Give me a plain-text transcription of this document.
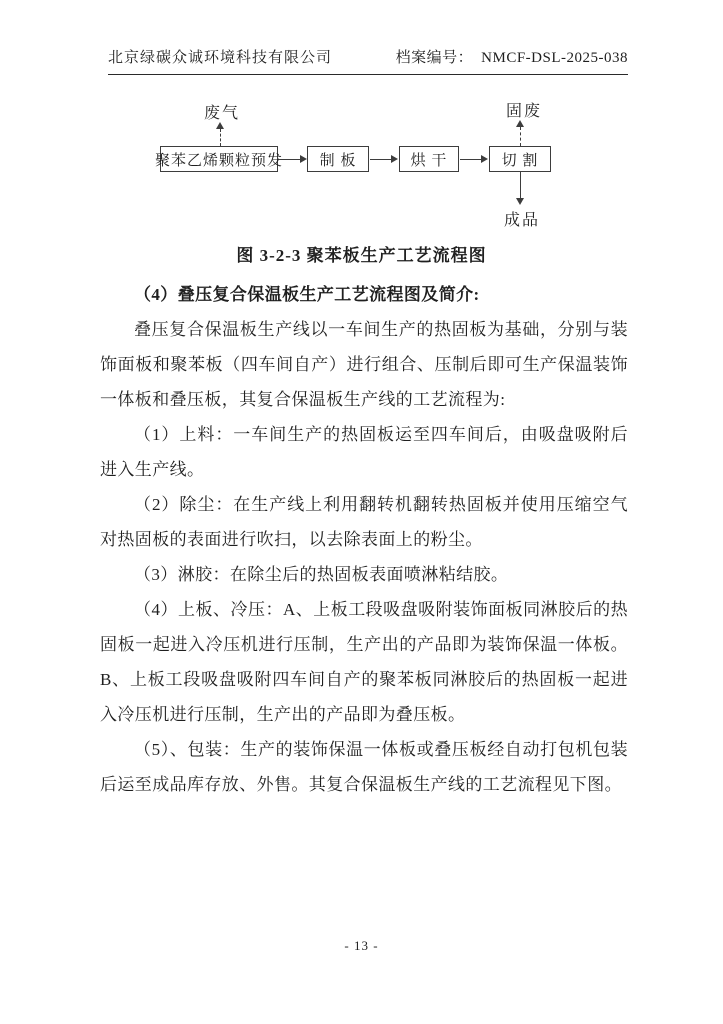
北京绿碳众诚环境科技有限公司	档案编号： NMCF-DSL-2025-038
废气
聚苯乙烯颗粒预发	制 板	烘 干	切 割
固废
成品
图 3-2-3 聚苯板生产工艺流程图
（4）叠压复合保温板生产工艺流程图及简介:

叠压复合保温板生产线以一车间生产的热固板为基础，分别与装饰面板和聚苯板（四车间自产）进行组合、压制后即可生产保温装饰一体板和叠压板，其复合保温板生产线的工艺流程为:

（1）上料：一车间生产的热固板运至四车间后，由吸盘吸附后进入生产线。

（2）除尘：在生产线上利用翻转机翻转热固板并使用压缩空气对热固板的表面进行吹扫，以去除表面上的粉尘。

（3）淋胶：在除尘后的热固板表面喷淋粘结胶。

（4）上板、冷压：A、上板工段吸盘吸附装饰面板同淋胶后的热固板一起进入冷压机进行压制，生产出的产品即为装饰保温一体板。B、上板工段吸盘吸附四车间自产的聚苯板同淋胶后的热固板一起进入冷压机进行压制，生产出的产品即为叠压板。

（5）、包装：生产的装饰保温一体板或叠压板经自动打包机包装后运至成品库存放、外售。其复合保温板生产线的工艺流程见下图。

- 13 -
